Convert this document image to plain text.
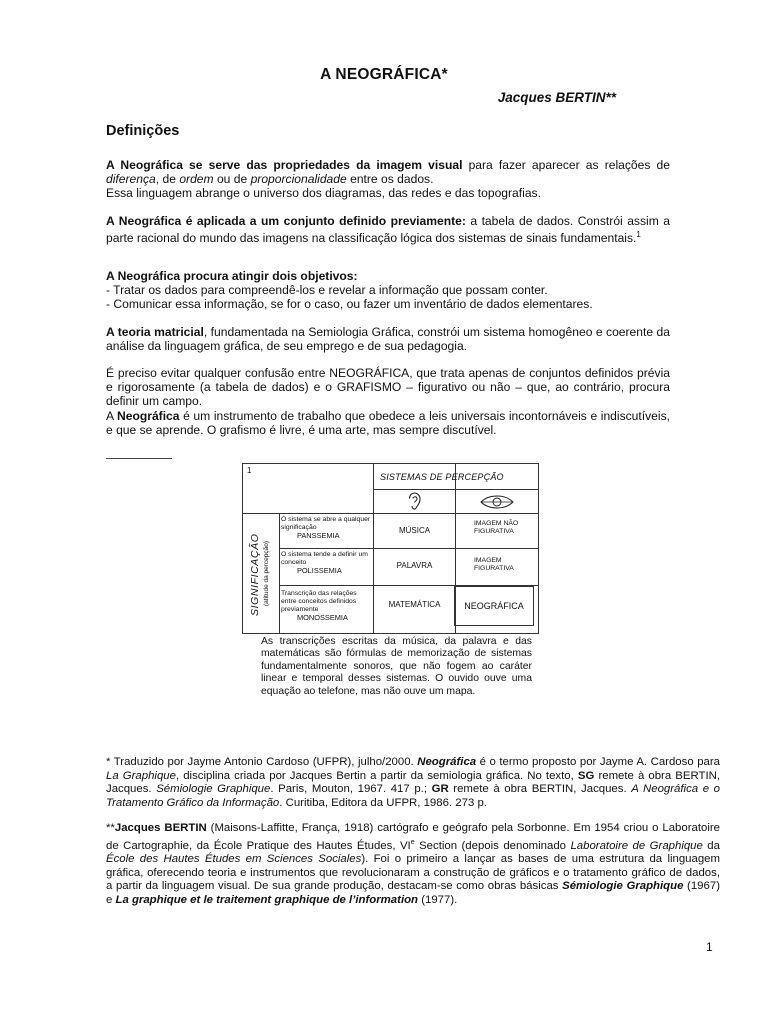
A NEOGRÁFICA*
Jacques BERTIN**
Definições

A Neográfica se serve das propriedades da imagem visual para fazer aparecer as relações de diferença, de ordem ou de proporcionalidade entre os dados.

Essa linguagem abrange o universo dos diagramas, das redes e das topografias.

A Neográfica é aplicada a um conjunto definido previamente: a tabela de dados. Constrói assim a parte racional do mundo das imagens na classificação lógica dos sistemas de sinais fundamentais.$^1$

A Neográfica procura atingir dois objetivos:

- Tratar os dados para compreendê-los e revelar a informação que possam conter.

- Comunicar essa informação, se for o caso, ou fazer um inventário de dados elementares.

A teoria matricial, fundamentada na Semiologia Gráfica, constrói um sistema homogêneo e coerente da análise da linguagem gráfica, de seu emprego e de sua pedagogia.

É preciso evitar qualquer confusão entre NEOGRÁFICA, que trata apenas de conjuntos definidos prévia e rigorosamente (a tabela de dados) e o GRAFISMO – figurativo ou não – que, ao contrário, procura definir um campo.

A Neográfica é um instrumento de trabalho que obedece a leis universais incontornáveis e indiscutíveis, e que se aprende. O grafismo é livre, é uma arte, mas sempre discutível.

1
SISTEMAS DE PERCEPÇÃO
SIGNIFICAÇÃO (atitude da percepção)
O sistema se abre a qualquer significação
PANSSEMIA
MÚSICA
IMAGEM NÃO FIGURATIVA
O sistema tende a definir um conceito
POLISSEMIA
PALAVRA
IMAGEM FIGURATIVA
Transcrição das relações entre conceitos definidos previamente
MONOSSEMIA
MATEMÁTICA	NEOGRÁFICA
As transcrições escritas da música, da palavra e das matemáticas são fórmulas de memorização de sistemas fundamentalmente sonoros, que não fogem ao caráter linear e temporal desses sistemas. O ouvido ouve uma equação ao telefone, mas não ouve um mapa.

* Traduzido por Jayme Antonio Cardoso (UFPR), julho/2000. Neográfica é o termo proposto por Jayme A. Cardoso para La Graphique, disciplina criada por Jacques Bertin a partir da semiologia gráfica. No texto, SG remete à obra BERTIN, Jacques. Sémiologie Graphique. Paris, Mouton, 1967. 417 p.; GR remete à obra BERTIN, Jacques. A Neográfica e o Tratamento Gráfico da Informação. Curitiba, Editora da UFPR, 1986. 273 p.

**Jacques BERTIN (Maisons-Laffitte, França, 1918) cartógrafo e geógrafo pela Sorbonne. Em 1954 criou o Laboratoire de Cartographie, da École Pratique des Hautes Études, VIe Section (depois denominado Laboratoire de Graphique da École des Hautes Études em Sciences Sociales). Foi o primeiro a lançar as bases de uma estrutura da linguagem gráfica, oferecendo teoria e instrumentos que revolucionaram a construção de gráficos e o tratamento gráfico de dados, a partir da linguagem visual. De sua grande produção, destacam-se como obras básicas Sémiologie Graphique (1967) e La graphique et le traitement graphique de l’information (1977).

1
